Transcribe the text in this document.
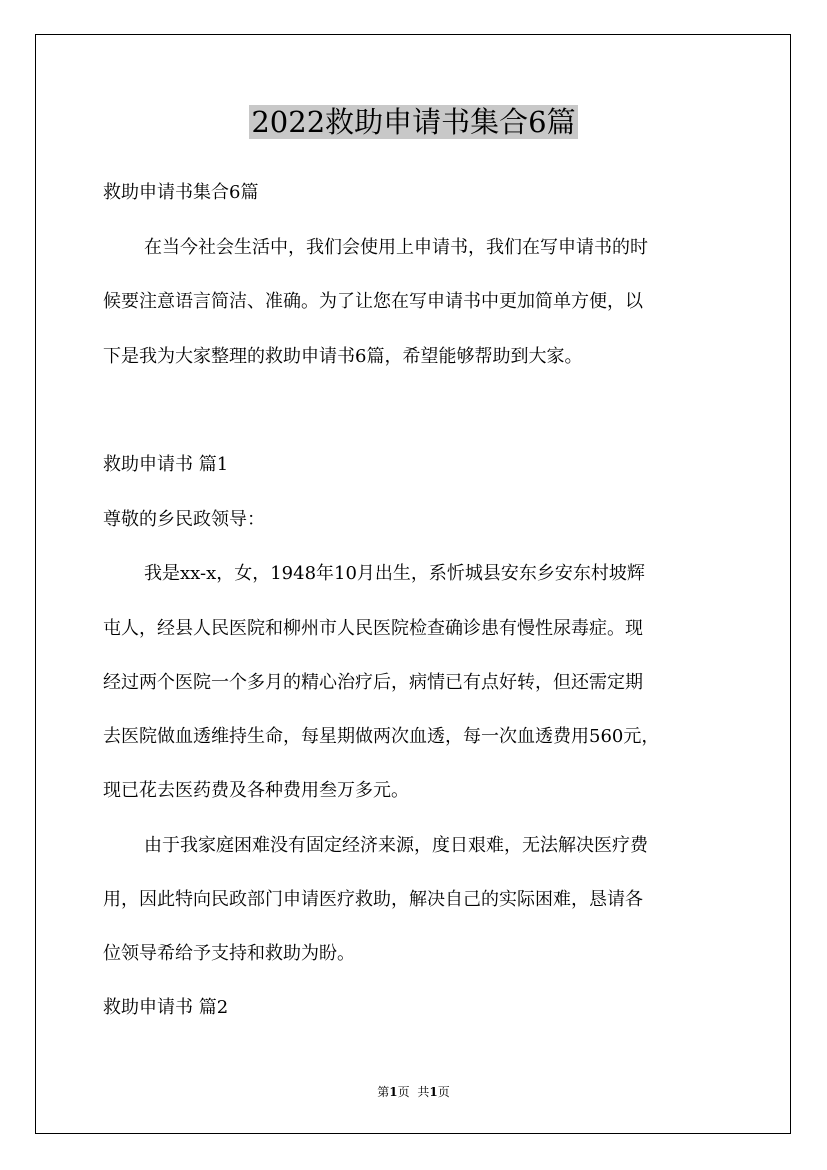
2022救助申请书集合6篇
救助申请书集合6篇
在当今社会生活中，我们会使用上申请书，我们在写申请书的时
候要注意语言简洁、准确。为了让您在写申请书中更加简单方便，以
下是我为大家整理的救助申请书6篇，希望能够帮助到大家。
救助申请书 篇1
尊敬的乡民政领导：
我是xx-x，女，1948年10月出生，系忻城县安东乡安东村坡辉
屯人，经县人民医院和柳州市人民医院检查确诊患有慢性尿毒症。现
经过两个医院一个多月的精心治疗后，病情已有点好转，但还需定期
去医院做血透维持生命，每星期做两次血透，每一次血透费用560元，
现已花去医药费及各种费用叁万多元。
由于我家庭困难没有固定经济来源，度日艰难，无法解决医疗费
用，因此特向民政部门申请医疗救助，解决自己的实际困难，恳请各
位领导希给予支持和救助为盼。
救助申请书 篇2
第1页 共1页
